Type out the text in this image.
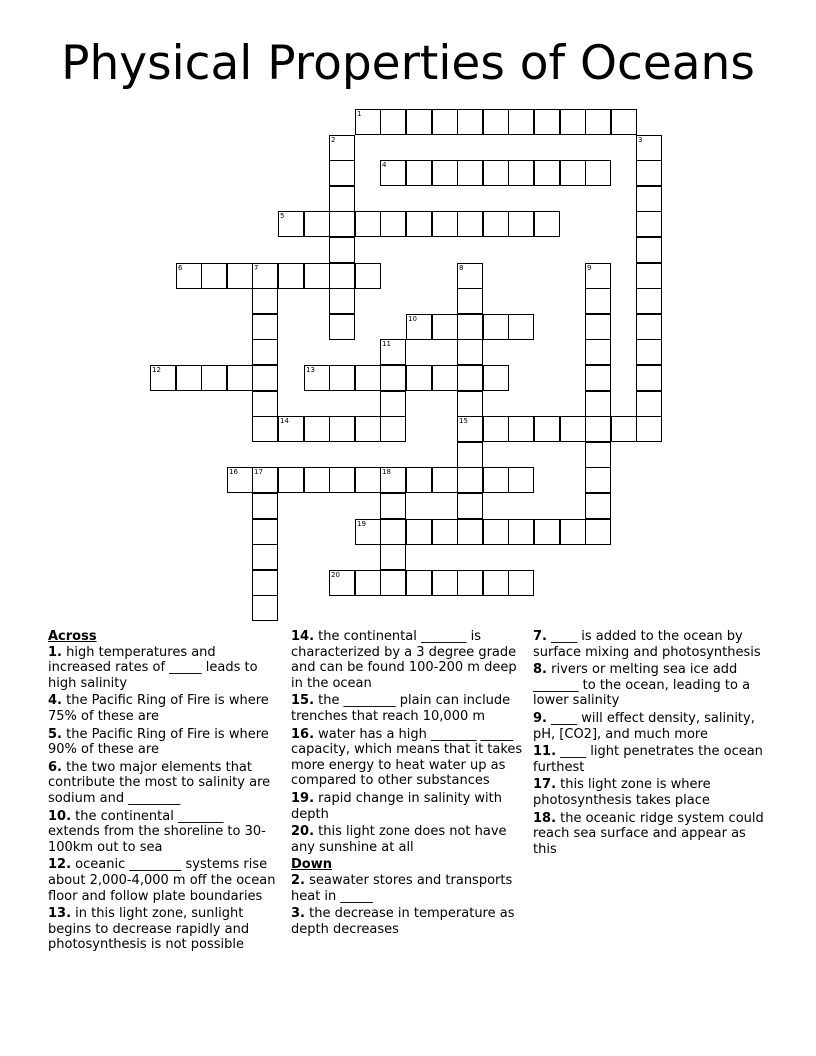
Physical Properties of Oceans
1
4
5
6	7
10
12	13
14	15
16 17	18
19
20
2	3
8	9
11
Across
1. high temperatures and increased rates of _____ leads to high salinity
4. the Pacific Ring of Fire is where 75% of these are
5. the Pacific Ring of Fire is where 90% of these are
6. the two major elements that contribute the most to salinity are sodium and ________
10. the continental _______ extends from the shoreline to 30-100km out to sea
12. oceanic ________ systems rise about 2,000-4,000 m off the ocean floor and follow plate boundaries
13. in this light zone, sunlight begins to decrease rapidly and photosynthesis is not possible
14. the continental _______ is characterized by a 3 degree grade and can be found 100-200 m deep in the ocean
15. the ________ plain can include trenches that reach 10,000 m
16. water has a high _______ _____ capacity, which means that it takes more energy to heat water up as compared to other substances
19. rapid change in salinity with depth
20. this light zone does not have any sunshine at all
Down
2. seawater stores and transports heat in _____
3. the decrease in temperature as depth decreases
7. ____ is added to the ocean by surface mixing and photosynthesis
8. rivers or melting sea ice add _______ to the ocean, leading to a lower salinity
9. ____ will effect density, salinity, pH, [CO2], and much more
11. ____ light penetrates the ocean furthest
17. this light zone is where photosynthesis takes place
18. the oceanic ridge system could reach sea surface and appear as this
